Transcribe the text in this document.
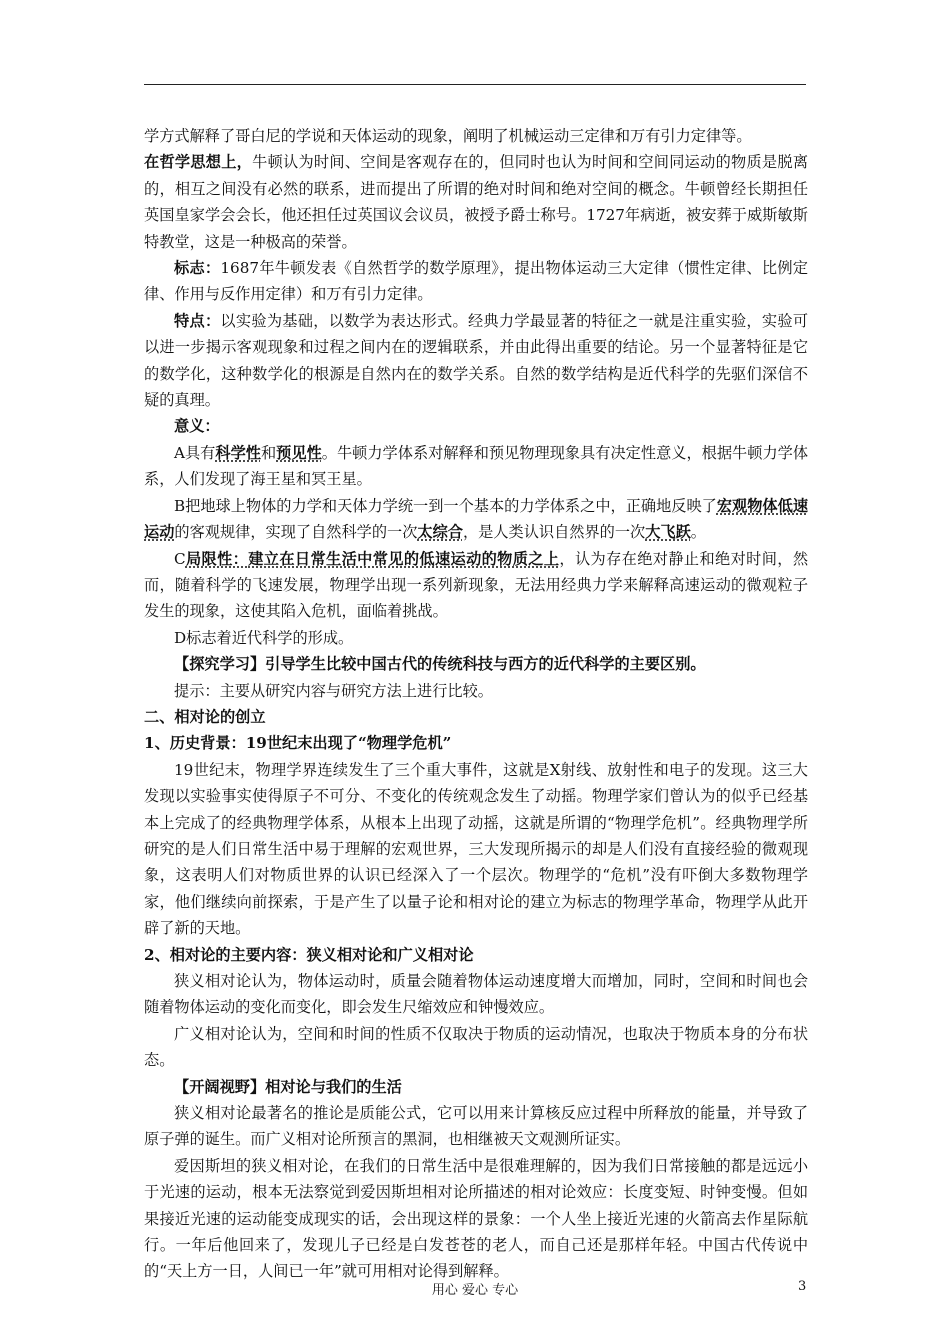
学方式解释了哥白尼的学说和天体运动的现象，阐明了机械运动三定律和万有引力定律等。

在哲学思想上，牛顿认为时间、空间是客观存在的，但同时也认为时间和空间同运动的物质是脱离的，相互之间没有必然的联系，进而提出了所谓的绝对时间和绝对空间的概念。牛顿曾经长期担任英国皇家学会会长，他还担任过英国议会议员，被授予爵士称号。1727年病逝，被安葬于威斯敏斯特教堂，这是一种极高的荣誉。

标志：1687年牛顿发表《自然哲学的数学原理》，提出物体运动三大定律（惯性定律、比例定律、作用与反作用定律）和万有引力定律。

特点：以实验为基础，以数学为表达形式。经典力学最显著的特征之一就是注重实验，实验可以进一步揭示客观现象和过程之间内在的逻辑联系，并由此得出重要的结论。另一个显著特征是它的数学化，这种数学化的根源是自然内在的数学关系。自然的数学结构是近代科学的先驱们深信不疑的真理。

意义：

A具有科学性和预见性。牛顿力学体系对解释和预见物理现象具有决定性意义，根据牛顿力学体系，人们发现了海王星和冥王星。

B把地球上物体的力学和天体力学统一到一个基本的力学体系之中，正确地反映了宏观物体低速运动的客观规律，实现了自然科学的一次太综合，是人类认识自然界的一次大飞跃。

C局限性：建立在日常生活中常见的低速运动的物质之上，认为存在绝对静止和绝对时间，然而，随着科学的飞速发展，物理学出现一系列新现象，无法用经典力学来解释高速运动的微观粒子发生的现象，这使其陷入危机，面临着挑战。

D标志着近代科学的形成。

【探究学习】引导学生比较中国古代的传统科技与西方的近代科学的主要区别。

提示：主要从研究内容与研究方法上进行比较。

二、相对论的创立

1、历史背景：19世纪末出现了“物理学危机”

19世纪末，物理学界连续发生了三个重大事件，这就是X射线、放射性和电子的发现。这三大发现以实验事实使得原子不可分、不变化的传统观念发生了动摇。物理学家们曾认为的似乎已经基本上完成了的经典物理学体系，从根本上出现了动摇，这就是所谓的“物理学危机”。经典物理学所研究的是人们日常生活中易于理解的宏观世界，三大发现所揭示的却是人们没有直接经验的微观现象，这表明人们对物质世界的认识已经深入了一个层次。物理学的“危机”没有吓倒大多数物理学家，他们继续向前探索，于是产生了以量子论和相对论的建立为标志的物理学革命，物理学从此开辟了新的天地。

2、相对论的主要内容：狭义相对论和广义相对论

狭义相对论认为，物体运动时，质量会随着物体运动速度增大而增加，同时，空间和时间也会随着物体运动的变化而变化，即会发生尺缩效应和钟慢效应。

广义相对论认为，空间和时间的性质不仅取决于物质的运动情况，也取决于物质本身的分布状态。

【开阔视野】相对论与我们的生活

狭义相对论最著名的推论是质能公式，它可以用来计算核反应过程中所释放的能量，并导致了原子弹的诞生。而广义相对论所预言的黑洞，也相继被天文观测所证实。

爱因斯坦的狭义相对论，在我们的日常生活中是很难理解的，因为我们日常接触的都是远远小于光速的运动，根本无法察觉到爱因斯坦相对论所描述的相对论效应：长度变短、时钟变慢。但如果接近光速的运动能变成现实的话，会出现这样的景象：一个人坐上接近光速的火箭高去作星际航行。一年后他回来了，发现儿子已经是白发苍苍的老人，而自己还是那样年轻。中国古代传说中的“天上方一日，人间已一年”就可用相对论得到解释。

用心 爱心 专心	3
